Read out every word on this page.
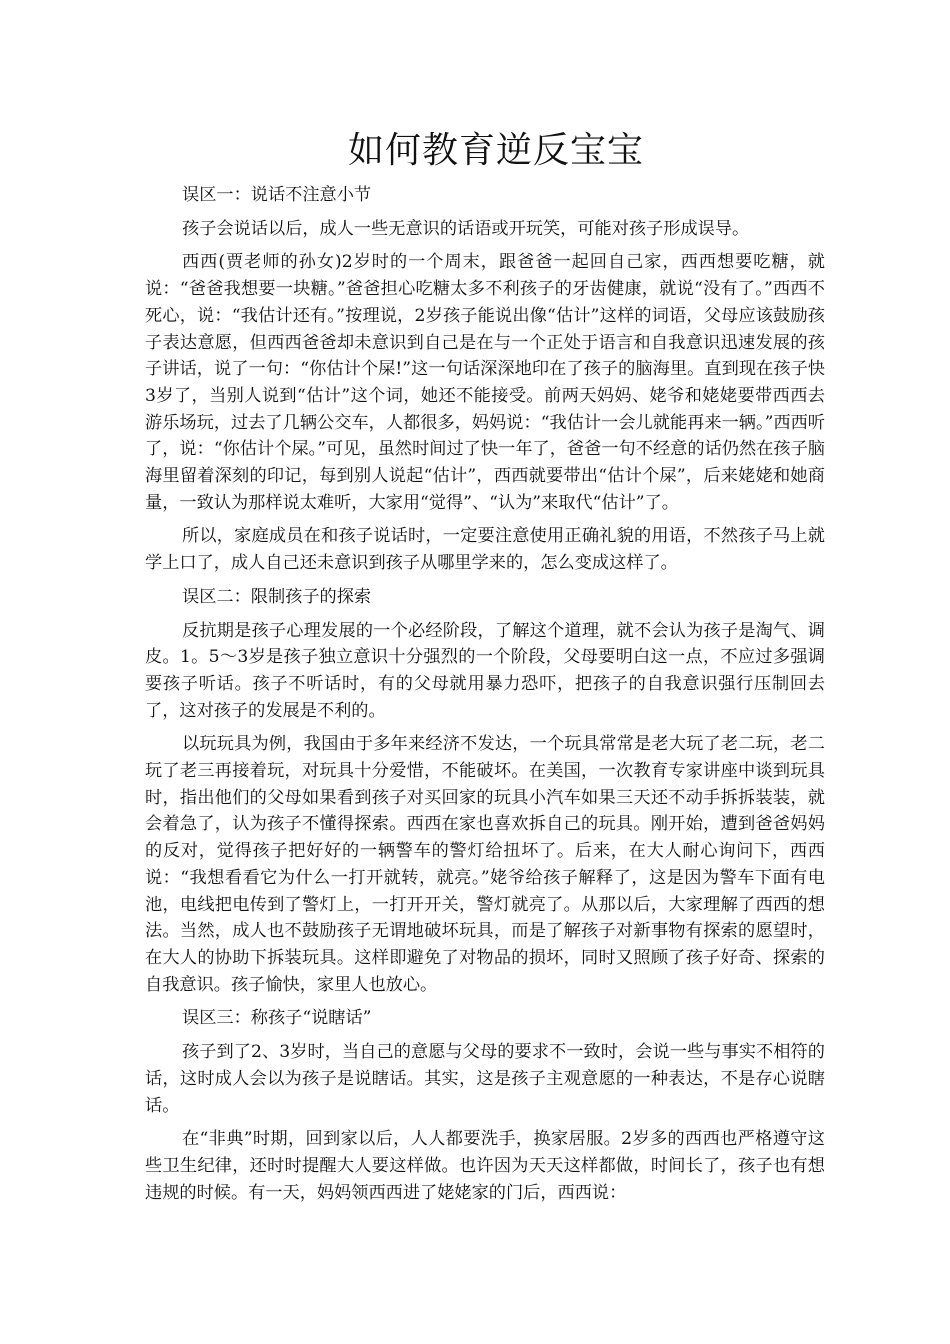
如何教育逆反宝宝

误区一：说话不注意小节

孩子会说话以后，成人一些无意识的话语或开玩笑，可能对孩子形成误导。

西西(贾老师的孙女)2岁时的一个周末，跟爸爸一起回自己家，西西想要吃糖，就说：“爸爸我想要一块糖。”爸爸担心吃糖太多不利孩子的牙齿健康，就说“没有了。”西西不死心，说：“我估计还有。”按理说，2岁孩子能说出像“估计”这样的词语，父母应该鼓励孩子表达意愿，但西西爸爸却未意识到自己是在与一个正处于语言和自我意识迅速发展的孩子讲话，说了一句：“你估计个屎!”这一句话深深地印在了孩子的脑海里。直到现在孩子快3岁了，当别人说到“估计”这个词，她还不能接受。前两天妈妈、姥爷和姥姥要带西西去游乐场玩，过去了几辆公交车，人都很多，妈妈说：“我估计一会儿就能再来一辆。”西西听了，说：“你估计个屎。”可见，虽然时间过了快一年了，爸爸一句不经意的话仍然在孩子脑海里留着深刻的印记，每到别人说起“估计”，西西就要带出“估计个屎”，后来姥姥和她商量，一致认为那样说太难听，大家用“觉得”、“认为”来取代“估计”了。

所以，家庭成员在和孩子说话时，一定要注意使用正确礼貌的用语，不然孩子马上就学上口了，成人自己还未意识到孩子从哪里学来的，怎么变成这样了。

误区二：限制孩子的探索

反抗期是孩子心理发展的一个必经阶段，了解这个道理，就不会认为孩子是淘气、调皮。1。5～3岁是孩子独立意识十分强烈的一个阶段，父母要明白这一点，不应过多强调要孩子听话。孩子不听话时，有的父母就用暴力恐吓，把孩子的自我意识强行压制回去了，这对孩子的发展是不利的。

以玩玩具为例，我国由于多年来经济不发达，一个玩具常常是老大玩了老二玩，老二玩了老三再接着玩，对玩具十分爱惜，不能破坏。在美国，一次教育专家讲座中谈到玩具时，指出他们的父母如果看到孩子对买回家的玩具小汽车如果三天还不动手拆拆装装，就会着急了，认为孩子不懂得探索。西西在家也喜欢拆自己的玩具。刚开始，遭到爸爸妈妈的反对，觉得孩子把好好的一辆警车的警灯给扭坏了。后来，在大人耐心询问下，西西说：“我想看看它为什么一打开就转，就亮。”姥爷给孩子解释了，这是因为警车下面有电池，电线把电传到了警灯上，一打开开关，警灯就亮了。从那以后，大家理解了西西的想法。当然，成人也不鼓励孩子无谓地破坏玩具，而是了解孩子对新事物有探索的愿望时，在大人的协助下拆装玩具。这样即避免了对物品的损坏，同时又照顾了孩子好奇、探索的自我意识。孩子愉快，家里人也放心。

误区三：称孩子“说瞎话”

孩子到了2、3岁时，当自己的意愿与父母的要求不一致时，会说一些与事实不相符的话，这时成人会以为孩子是说瞎话。其实，这是孩子主观意愿的一种表达，不是存心说瞎话。

在“非典”时期，回到家以后，人人都要洗手，换家居服。2岁多的西西也严格遵守这些卫生纪律，还时时提醒大人要这样做。也许因为天天这样都做，时间长了，孩子也有想违规的时候。有一天，妈妈领西西进了姥姥家的门后，西西说：
